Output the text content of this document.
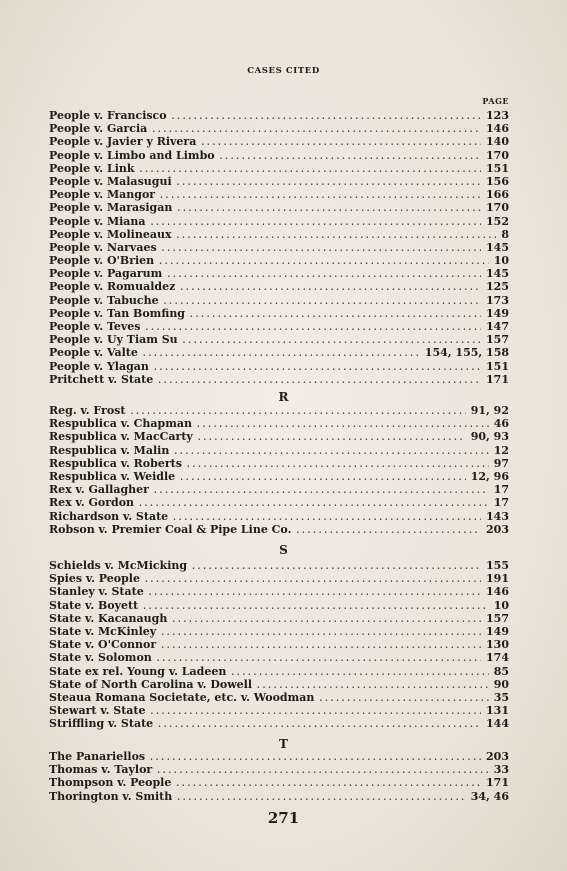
CASES CITED
PAGE
People v. Francisco . . .	123
People v. Garcia . . .	146
People v. Javier y Rivera . . .	140
People v. Limbo and Limbo . . .	170
People v. Link . . .	151
People v. Malasugui . . .	156
People v. Mangor . . .	166
People v. Marasigan . . .	170
People v. Miana . . .	152
People v. Molineaux . . .	8
People v. Narvaes . . .	145
People v. O'Brien . . .	10
People v. Pagarum . . .	145
People v. Romualdez . . .	125
People v. Tabuche . . .	173
People v. Tan Bomfing . . .	149
People v. Teves . . .	147
People v. Uy Tiam Su . . .	157
People v. Valte . . .	154, 155, 158
People v. Ylagan . . .	151
Pritchett v. State . . .	171
R
Reg. v. Frost . . .	91, 92
Respublica v. Chapman . . .	46
Respublica v. MacCarty . . .	90, 93
Respublica v. Malin . . .	12
Respublica v. Roberts . . .	97
Respublica v. Weidle . . .	12, 96
Rex v. Gallagher . . .	17
Rex v. Gordon . . .	17
Richardson v. State . . .	143
Robson v. Premier Coal & Pipe Line Co. . . .	203
S
Schields v. McMicking . . .	155
Spies v. People . . .	191
Stanley v. State . . .	146
State v. Boyett . . .	10
State v. Kacanaugh . . .	157
State v. McKinley . . .	149
State v. O'Connor . . .	130
State v. Solomon . . .	174
State ex rel. Young v. Ladeen . . .	85
State of North Carolina v. Dowell . . .	90
Steaua Romana Societate, etc. v. Woodman . . .	35
Stewart v. State . . .	131
Striffling v. State . . .	144
T
The Panariellos . . .	203
Thomas v. Taylor . . .	33
Thompson v. People . . .	171
Thorington v. Smith . . .	34, 46
271
